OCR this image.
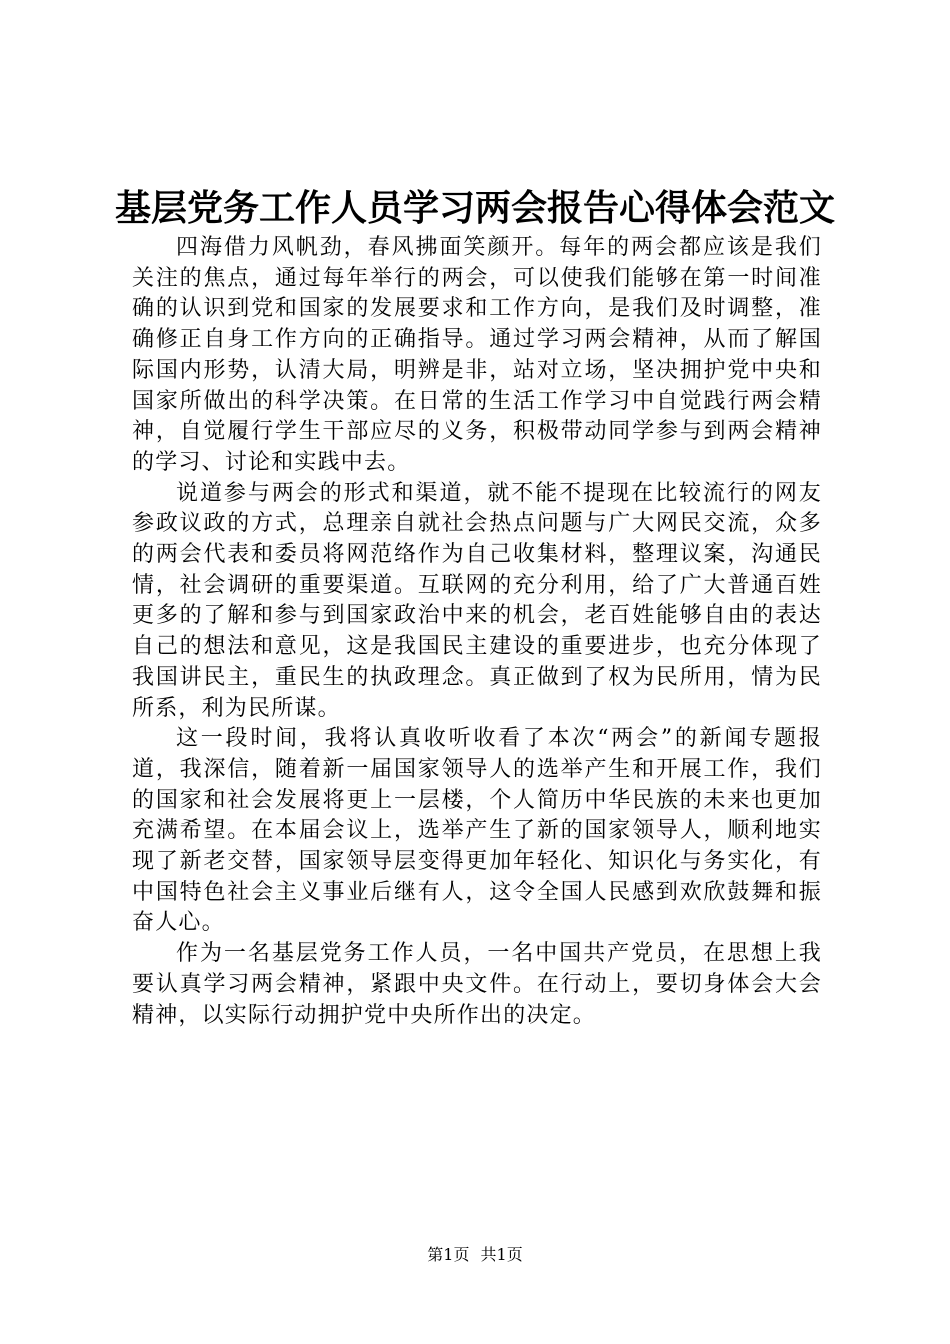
基层党务工作人员学习两会报告心得体会范文

四海借力风帆劲，春风拂面笑颜开。每年的两会都应该是我们关注的焦点，通过每年举行的两会，可以使我们能够在第一时间准确的认识到党和国家的发展要求和工作方向，是我们及时调整，准确修正自身工作方向的正确指导。通过学习两会精神，从而了解国际国内形势，认清大局，明辨是非，站对立场，坚决拥护党中央和国家所做出的科学决策。在日常的生活工作学习中自觉践行两会精神，自觉履行学生干部应尽的义务，积极带动同学参与到两会精神的学习、讨论和实践中去。

说道参与两会的形式和渠道，就不能不提现在比较流行的网友参政议政的方式，总理亲自就社会热点问题与广大网民交流，众多的两会代表和委员将网范络作为自己收集材料，整理议案，沟通民情，社会调研的重要渠道。互联网的充分利用，给了广大普通百姓更多的了解和参与到国家政治中来的机会，老百姓能够自由的表达自己的想法和意见，这是我国民主建设的重要进步，也充分体现了我国讲民主，重民生的执政理念。真正做到了权为民所用，情为民所系，利为民所谋。

这一段时间，我将认真收听收看了本次“两会”的新闻专题报道，我深信，随着新一届国家领导人的选举产生和开展工作，我们的国家和社会发展将更上一层楼，个人简历中华民族的未来也更加充满希望。在本届会议上，选举产生了新的国家领导人，顺利地实现了新老交替，国家领导层变得更加年轻化、知识化与务实化，有中国特色社会主义事业后继有人，这令全国人民感到欢欣鼓舞和振奋人心。

作为一名基层党务工作人员，一名中国共产党员，在思想上我要认真学习两会精神，紧跟中央文件。在行动上，要切身体会大会精神，以实际行动拥护党中央所作出的决定。

第1页 共1页
